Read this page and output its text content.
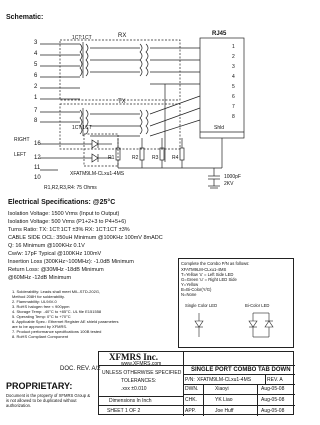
Schematic:
3
4
5
6
2
1
7
8
RIGHT
16
LEFT 12
11
10
1CT:1CT	RX
TX
1CT:1CT
RJ45
1
2
3
4
5
6
7
8
Shld
R1	R2	R3	R4
1000pF
2KV
XFATM9LM-CLxu1-4MS
R1,R2,R3,R4: 75 Ohms
Electrical Specifications: @25°C
Isolation Voltage: 1500 Vrms (Input to Output)
Isolation Voltage: 500 Vrms (P1+2+3 to P4+5+6)
Turns Ratio: TX: 1CT:1CT ±3% RX: 1CT:1CT ±3%
CABLE SIDE OCL: 350uH Minimum @100KHz 100mV 8mADC
Q: 16 Minimum @100KHz 0.1V
Cw/w: 17pF Typical @100KHz 100mV
Insertion Loss (300KHz~100MHz): -1.0dB Minimum
Return Loss: @30MHz -18dB Minimum
@60MHz -12dB Minimum
Complete the Combo P/N as follows:
XFATM9LM-CLxu1-4MS
T=Yellow 'x' = Left Side LED
G=Green 'u' = Right LED Side
Y=Yellow
B=Bi-Color(Y/G)
N=None
Single Color LED	Bi-Color LED
1. Solderability: Leads shall meet MIL-STD-202G,
Method 208H for solderability.
2. Flammability: UL94V-0
3. RoHS halogen free < 900ppm
4. Storage Temp: -40°C to +85°C. UL file E151558
5. Operating Temp: 0°C to +70°C
6. Applicable Spec.: Ethernet Register AE shield parameters
are to be approved by XFMRS.
7. Product performance specifications 100B tested
8. RoHS Compliant Component
DOC. REV. A/2
XFMRS Inc.
www.XFMRS.com
UNLESS OTHERWISE SPECIFIED
TOLERANCES:
.xxx ±0.010
Dimensions In Inch
SHEET 1 OF 2
SINGLE PORT COMBO TAB DOWN
P/N: XFATM9LM-CLxu1-4MS	REV. A
DWN.	Xiaoyi	Aug-05-08
CHK.	YK Liao	Aug-05-08
APP.	Joe Huff	Aug-05-08
PROPRIETARY:
Document is the property of XFMRS Group & is not allowed to be duplicated without authorization.
